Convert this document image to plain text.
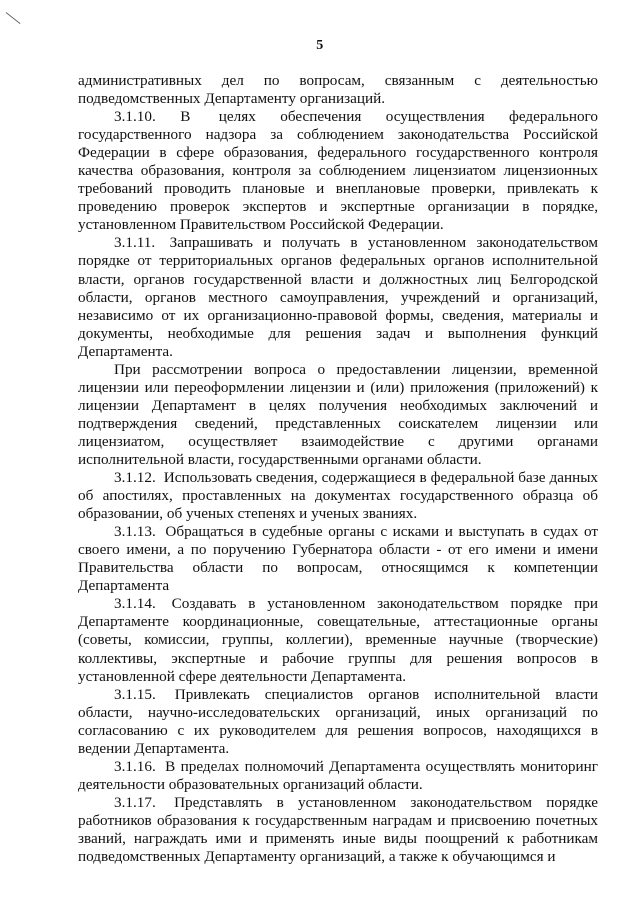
5

административных дел по вопросам, связанным с деятельностью подведомственных Департаменту организаций.

3.1.10. В целях обеспечения осуществления федерального государственного надзора за соблюдением законодательства Российской Федерации в сфере образования, федерального государственного контроля качества образования, контроля за соблюдением лицензиатом лицензионных требований проводить плановые и внеплановые проверки, привлекать к проведению проверок экспертов и экспертные организации в порядке, установленном Правительством Российской Федерации.

3.1.11. Запрашивать и получать в установленном законодательством порядке от территориальных органов федеральных органов исполнительной власти, органов государственной власти и должностных лиц Белгородской области, органов местного самоуправления, учреждений и организаций, независимо от их организационно-правовой формы, сведения, материалы и документы, необходимые для решения задач и выполнения функций Департамента.

При рассмотрении вопроса о предоставлении лицензии, временной лицензии или переоформлении лицензии и (или) приложения (приложений) к лицензии Департамент в целях получения необходимых заключений и подтверждения сведений, представленных соискателем лицензии или лицензиатом, осуществляет взаимодействие с другими органами исполнительной власти, государственными органами области.

3.1.12. Использовать сведения, содержащиеся в федеральной базе данных об апостилях, проставленных на документах государственного образца об образовании, об ученых степенях и ученых званиях.

3.1.13. Обращаться в судебные органы с исками и выступать в судах от своего имени, а по поручению Губернатора области - от его имени и имени Правительства области по вопросам, относящимся к компетенции Департамента

3.1.14. Создавать в установленном законодательством порядке при Департаменте координационные, совещательные, аттестационные органы (советы, комиссии, группы, коллегии), временные научные (творческие) коллективы, экспертные и рабочие группы для решения вопросов в установленной сфере деятельности Департамента.

3.1.15. Привлекать специалистов органов исполнительной власти области, научно-исследовательских организаций, иных организаций по согласованию с их руководителем для решения вопросов, находящихся в ведении Департамента.

3.1.16. В пределах полномочий Департамента осуществлять мониторинг деятельности образовательных организаций области.

3.1.17. Представлять в установленном законодательством порядке работников образования к государственным наградам и присвоению почетных званий, награждать ими и применять иные виды поощрений к работникам подведомственных Департаменту организаций, а также к обучающимся и
